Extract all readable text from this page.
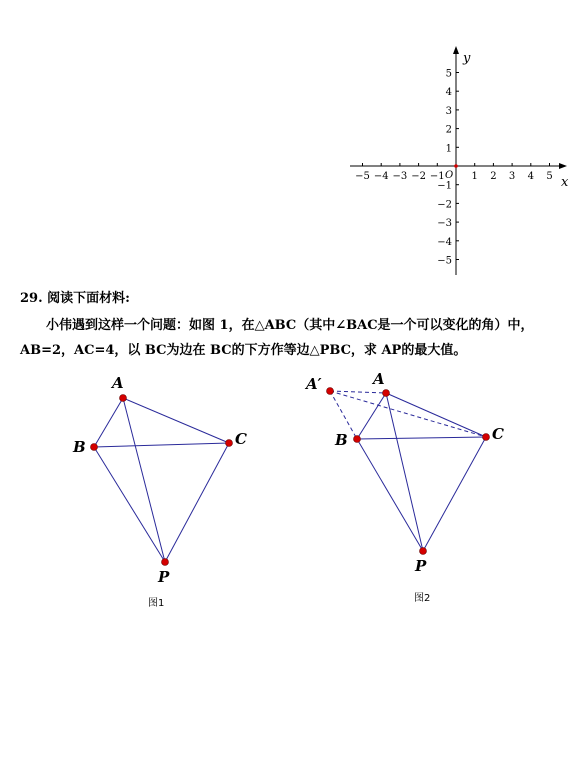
−5 −4 −3 −2 −1	1 2 3 4 5
5
4
3
2
1
−1
−2
−3
−4
−5
x
y
O
29. 阅读下面材料:
小伟遇到这样一个问题：如图 1，在△ABC（其中∠BAC是一个可以变化的角）中，
AB=2，AC=4，以 BC为边在 BC的下方作等边△PBC，求 AP的最大值。
A
B	C
P
图1
A′	A
B	C
P
图2
